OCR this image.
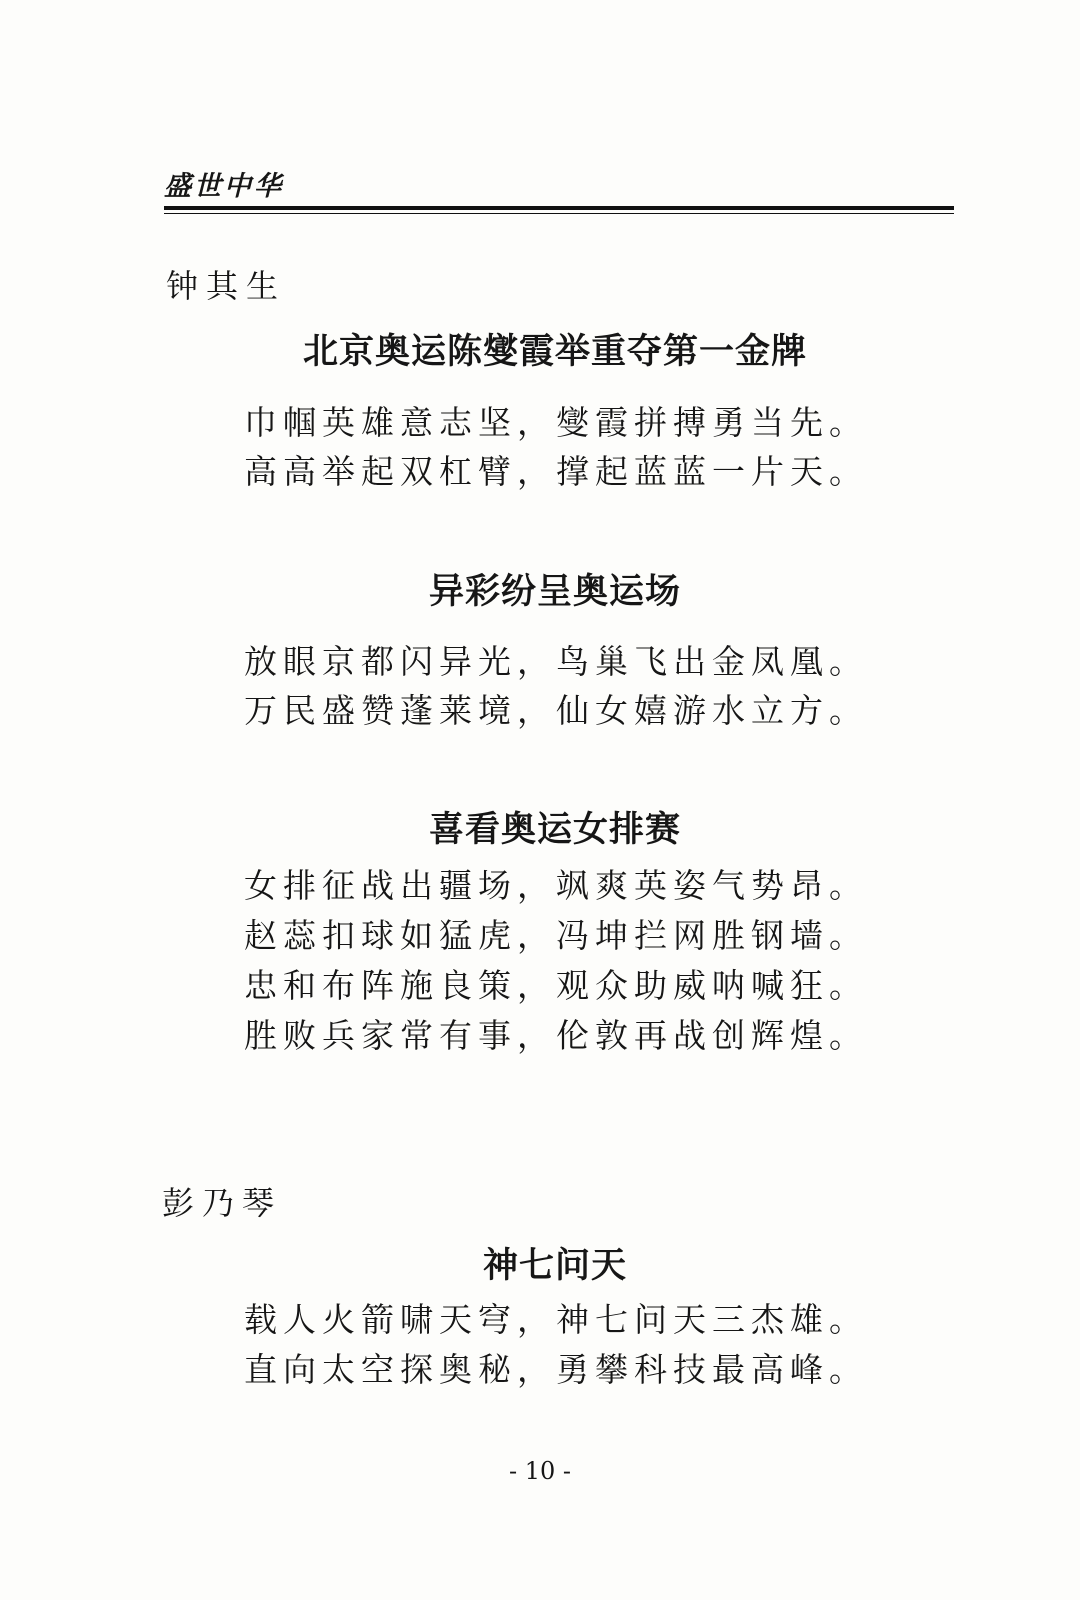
盛世中华
钟其生
北京奥运陈燮霞举重夺第一金牌
巾帼英雄意志坚，燮霞拼搏勇当先。
高高举起双杠臂，撑起蓝蓝一片天。
异彩纷呈奥运场
放眼京都闪异光，鸟巢飞出金凤凰。
万民盛赞蓬莱境，仙女嬉游水立方。
喜看奥运女排赛
女排征战出疆场，飒爽英姿气势昂。
赵蕊扣球如猛虎，冯坤拦网胜钢墙。
忠和布阵施良策，观众助威呐喊狂。
胜败兵家常有事，伦敦再战创辉煌。
彭乃琴
神七问天
载人火箭啸天穹，神七问天三杰雄。
直向太空探奥秘，勇攀科技最高峰。
- 10 -
